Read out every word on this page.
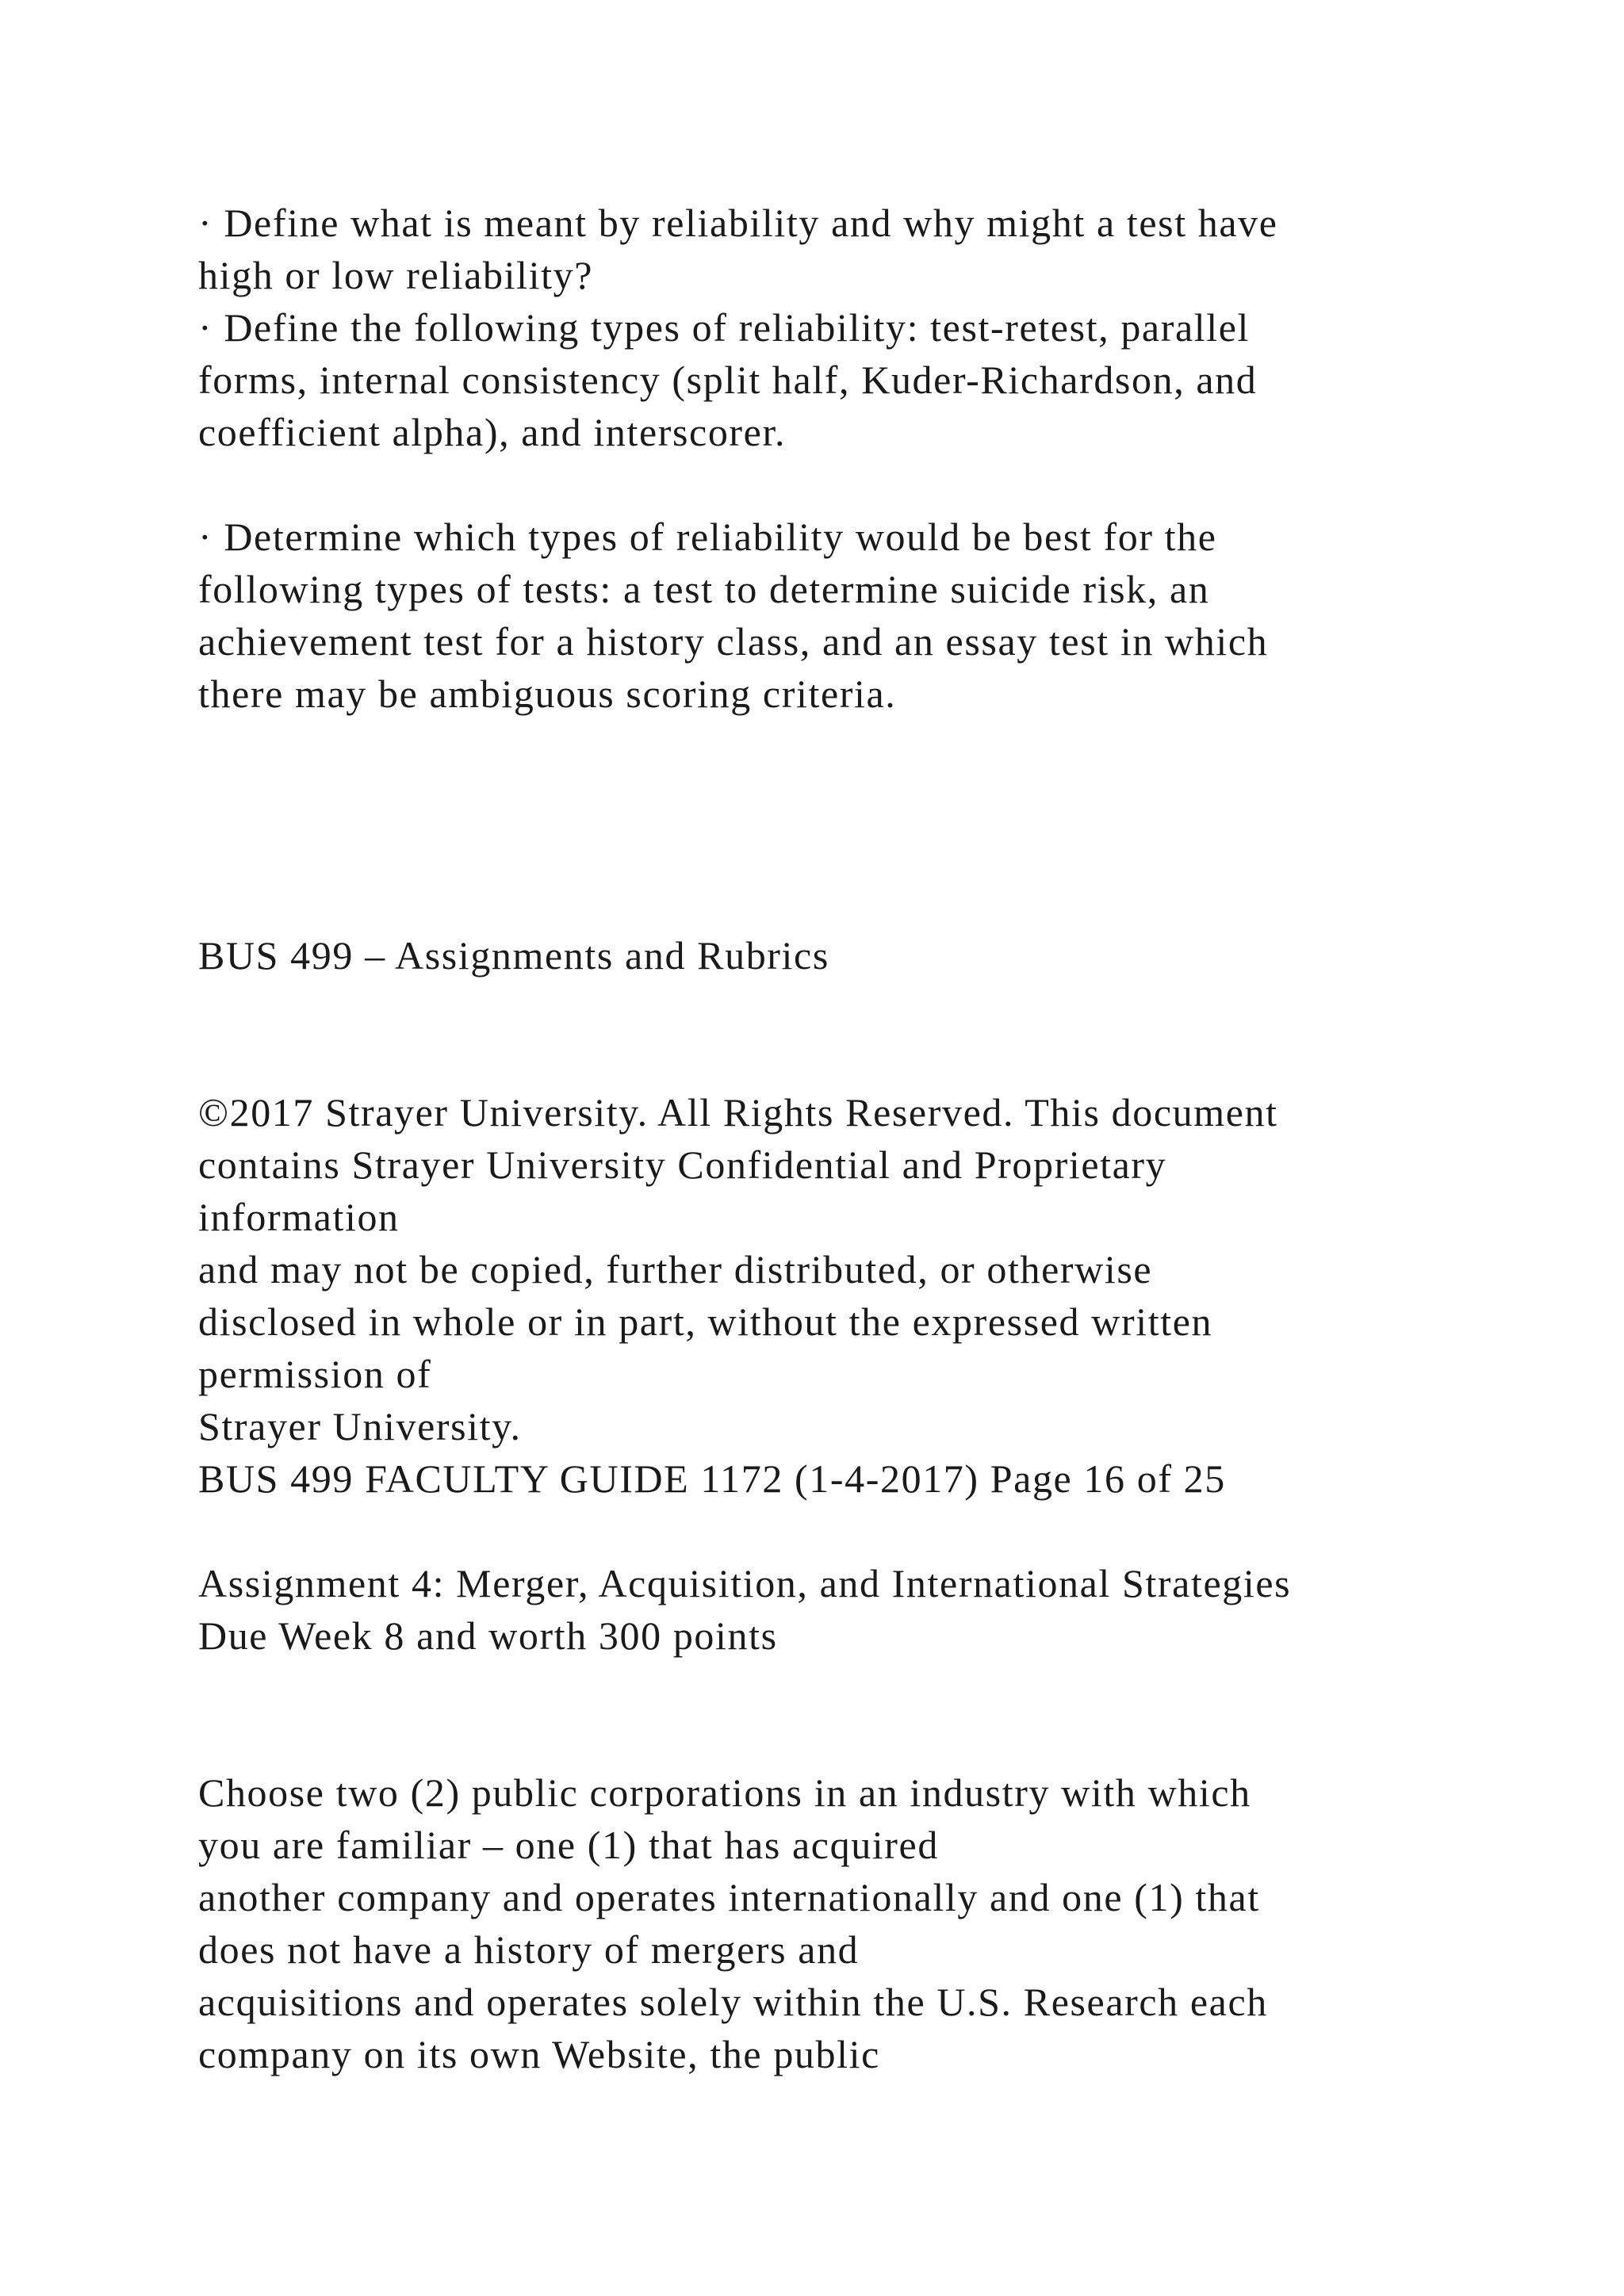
· Define what is meant by reliability and why might a test have
high or low reliability?
· Define the following types of reliability: test-retest, parallel
forms, internal consistency (split half, Kuder-Richardson, and
coefficient alpha), and interscorer.
· Determine which types of reliability would be best for the
following types of tests: a test to determine suicide risk, an
achievement test for a history class, and an essay test in which
there may be ambiguous scoring criteria.
BUS 499 – Assignments and Rubrics
©2017 Strayer University. All Rights Reserved. This document
contains Strayer University Confidential and Proprietary
information
and may not be copied, further distributed, or otherwise
disclosed in whole or in part, without the expressed written
permission of
Strayer University.
BUS 499 FACULTY GUIDE 1172 (1-4-2017) Page 16 of 25
Assignment 4: Merger, Acquisition, and International Strategies
Due Week 8 and worth 300 points
Choose two (2) public corporations in an industry with which
you are familiar – one (1) that has acquired
another company and operates internationally and one (1) that
does not have a history of mergers and
acquisitions and operates solely within the U.S. Research each
company on its own Website, the public
